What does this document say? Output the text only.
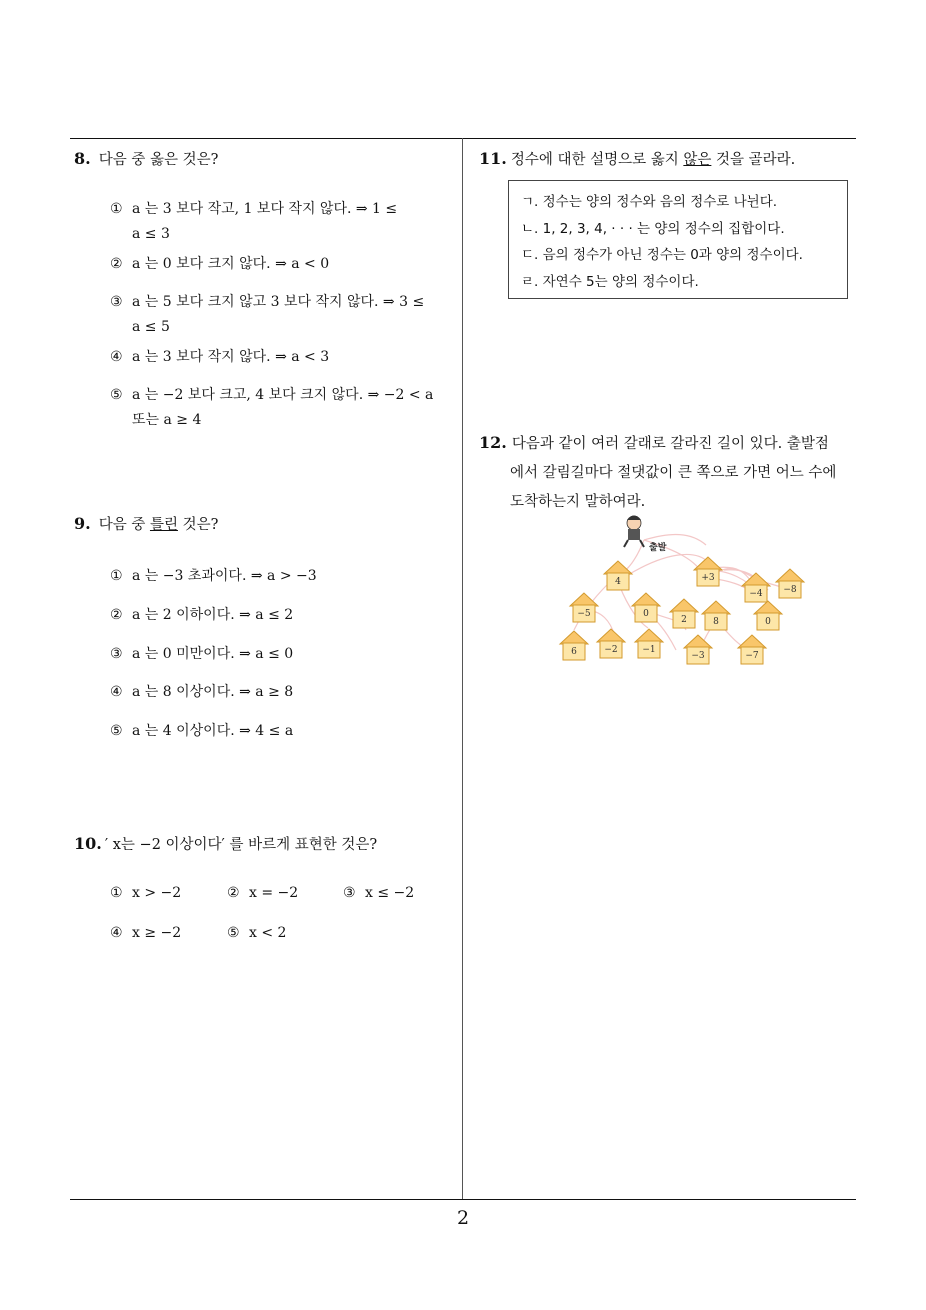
8. 다음 중 옳은 것은?
① a 는 3 보다 작고, 1 보다 작지 않다. ⇒ 1 ≤
a ≤ 3
② a 는 0 보다 크지 않다. ⇒ a < 0
③ a 는 5 보다 크지 않고 3 보다 작지 않다. ⇒ 3 ≤
a ≤ 5
④ a 는 3 보다 작지 않다. ⇒ a < 3
⑤ a 는 −2 보다 크고, 4 보다 크지 않다. ⇒ −2 < a
또는 a ≥ 4
9. 다음 중 틀린 것은?
① a 는 −3 초과이다. ⇒ a > −3
② a 는 2 이하이다. ⇒ a ≤ 2
③ a 는 0 미만이다. ⇒ a ≤ 0
④ a 는 8 이상이다. ⇒ a ≥ 8
⑤ a 는 4 이상이다. ⇒ 4 ≤ a
10. ′ x는 −2 이상이다′ 를 바르게 표현한 것은?
① x > −2	② x = −2	③ x ≤ −2
④ x ≥ −2	⑤ x < 2
11. 정수에 대한 설명으로 옳지 않은 것을 골라라.
ㄱ. 정수는 양의 정수와 음의 정수로 나뉜다.
ㄴ. 1, 2, 3, 4, · · · 는 양의 정수의 집합이다.
ㄷ. 음의 정수가 아닌 정수는 0과 양의 정수이다.
ㄹ. 자연수 5는 양의 정수이다.
12. 다음과 같이 여러 갈래로 갈라진 길이 있다. 출발점
에서 갈림길마다 절댓값이 큰 쪽으로 가면 어느 수에
도착하는지 말하여라.
출발
4	+3
−4 −8
−5	0
2	8	0
6	−2	−1
−3	−7
2
